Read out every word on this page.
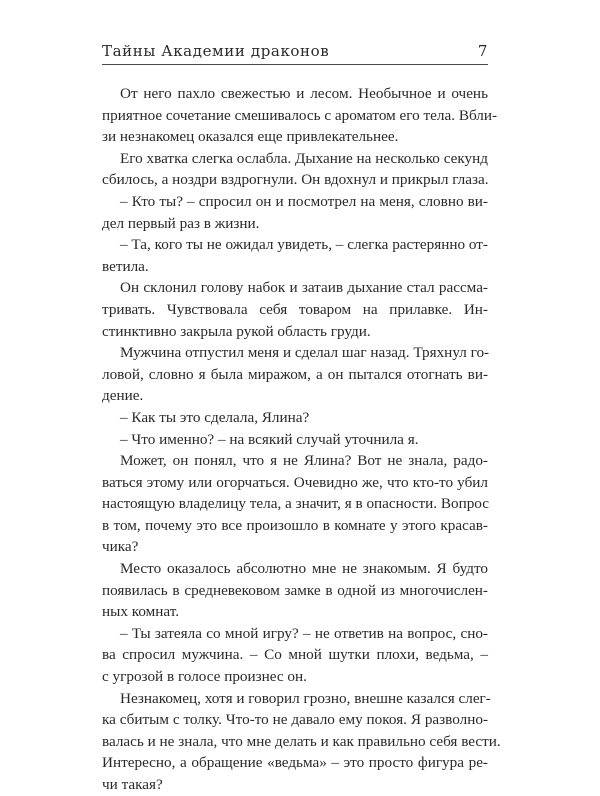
Тайны Академии драконов	7
От него пахло свежестью и лесом. Необычное и очень
приятное сочетание смешивалось с ароматом его тела. Вбли-
зи незнакомец оказался еще привлекательнее.
Его хватка слегка ослабла. Дыхание на несколько секунд
сбилось, а ноздри вздрогнули. Он вдохнул и прикрыл глаза.
– Кто ты? – спросил он и посмотрел на меня, словно ви-
дел первый раз в жизни.
– Та, кого ты не ожидал увидеть, – слегка растерянно от-
ветила.
Он склонил голову набок и затаив дыхание стал рассма-
тривать. Чувствовала себя товаром на прилавке. Ин-
стинктивно закрыла рукой область груди.
Мужчина отпустил меня и сделал шаг назад. Тряхнул го-
ловой, словно я была миражом, а он пытался отогнать ви-
дение.
– Как ты это сделала, Ялина?
– Что именно? – на всякий случай уточнила я.
Может, он понял, что я не Ялина? Вот не знала, радо-
ваться этому или огорчаться. Очевидно же, что кто-то убил
настоящую владелицу тела, а значит, я в опасности. Вопрос
в том, почему это все произошло в комнате у этого красав-
чика?
Место оказалось абсолютно мне не знакомым. Я будто
появилась в средневековом замке в одной из многочислен-
ных комнат.
– Ты затеяла со мной игру? – не ответив на вопрос, сно-
ва спросил мужчина. – Со мной шутки плохи, ведьма, –
с угрозой в голосе произнес он.
Незнакомец, хотя и говорил грозно, внешне казался слег-
ка сбитым с толку. Что-то не давало ему покоя. Я разволно-
валась и не знала, что мне делать и как правильно себя вести.
Интересно, а обращение «ведьма» – это просто фигура ре-
чи такая?
